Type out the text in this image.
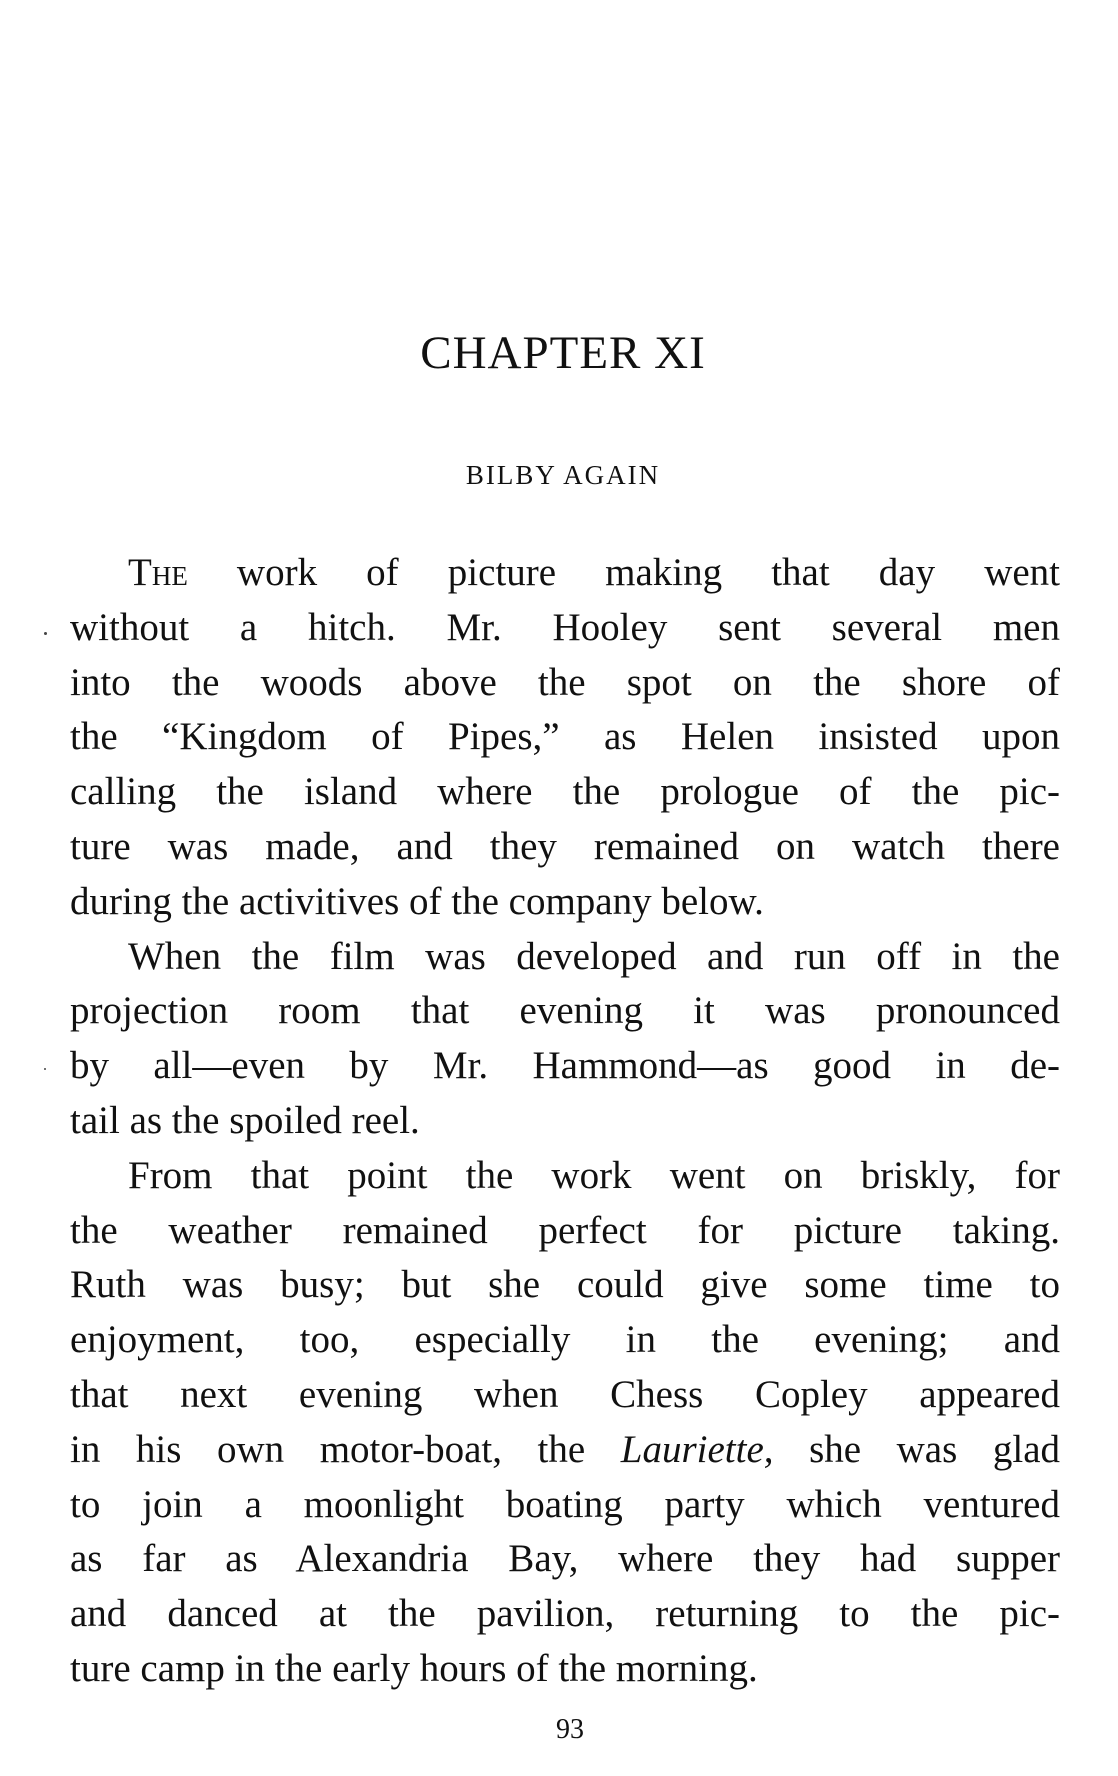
CHAPTER XI
BILBY AGAIN
The work of picture making that day went
without a hitch. Mr. Hooley sent several men
into the woods above the spot on the shore of
the “Kingdom of Pipes,” as Helen insisted upon
calling the island where the prologue of the pic-
ture was made, and they remained on watch there
during the activitives of the company below.
When the film was developed and run off in the
projection room that evening it was pronounced
by all—even by Mr. Hammond—as good in de-
tail as the spoiled reel.
From that point the work went on briskly, for
the weather remained perfect for picture taking.
Ruth was busy; but she could give some time to
enjoyment, too, especially in the evening; and
that next evening when Chess Copley appeared
in his own motor-boat, the Lauriette, she was glad
to join a moonlight boating party which ventured
as far as Alexandria Bay, where they had supper
and danced at the pavilion, returning to the pic-
ture camp in the early hours of the morning.
93
